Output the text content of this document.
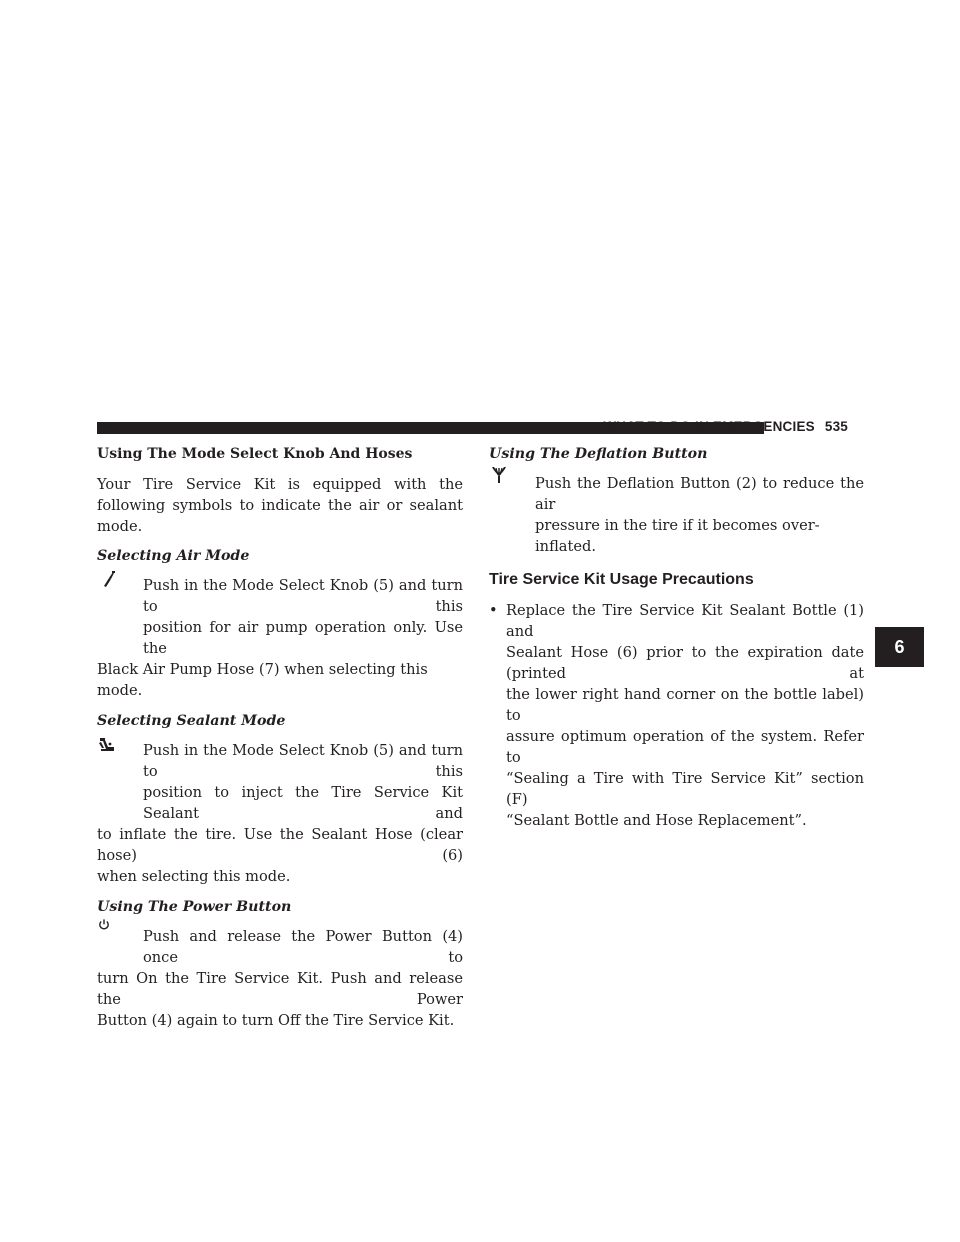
WHAT TO DO IN EMERGENCIES 535
Using The Mode Select Knob And Hoses

Your Tire Service Kit is equipped with the following symbols to indicate the air or sealant mode.

Selecting Air Mode
Push in the Mode Select Knob (5) and turn to this
position for air pump operation only. Use the
Black Air Pump Hose (7) when selecting this mode.
Selecting Sealant Mode
Push in the Mode Select Knob (5) and turn to this
position to inject the Tire Service Kit Sealant and
to inflate the tire. Use the Sealant Hose (clear hose) (6)
when selecting this mode.
Using The Power Button
Push and release the Power Button (4) once to
turn On the Tire Service Kit. Push and release the Power
Button (4) again to turn Off the Tire Service Kit.
Using The Deflation Button
Push the Deflation Button (2) to reduce the air
pressure in the tire if it becomes over-inflated.
Tire Service Kit Usage Precautions
• Replace the Tire Service Kit Sealant Bottle (1) and
Sealant Hose (6) prior to the expiration date (printed at
the lower right hand corner on the bottle label) to
assure optimum operation of the system. Refer to
“Sealing a Tire with Tire Service Kit” section (F)
“Sealant Bottle and Hose Replacement”.
6
